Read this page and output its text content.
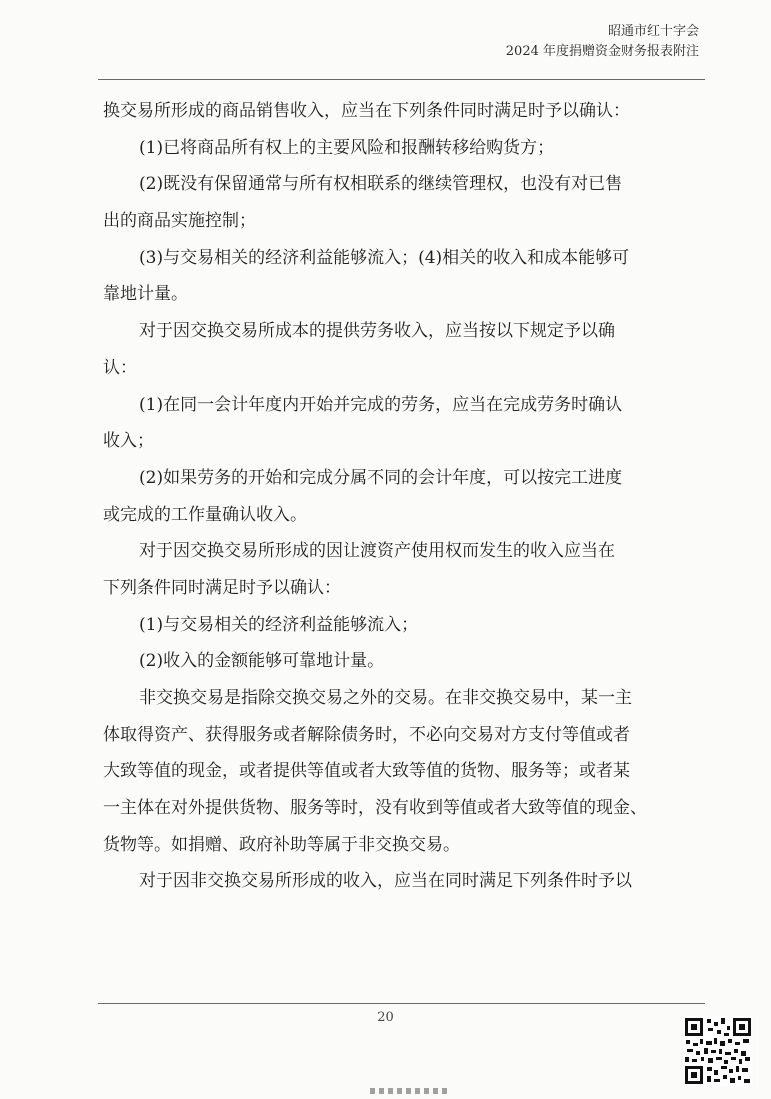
昭通市红十字会
2024 年度捐赠资金财务报表附注
换交易所形成的商品销售收入，应当在下列条件同时满足时予以确认：
(1)已将商品所有权上的主要风险和报酬转移给购货方；
(2)既没有保留通常与所有权相联系的继续管理权，也没有对已售
出的商品实施控制；
(3)与交易相关的经济利益能够流入；(4)相关的收入和成本能够可
靠地计量。
对于因交换交易所成本的提供劳务收入，应当按以下规定予以确
认：
(1)在同一会计年度内开始并完成的劳务，应当在完成劳务时确认
收入；
(2)如果劳务的开始和完成分属不同的会计年度，可以按完工进度
或完成的工作量确认收入。
对于因交换交易所形成的因让渡资产使用权而发生的收入应当在
下列条件同时满足时予以确认：
(1)与交易相关的经济利益能够流入；
(2)收入的金额能够可靠地计量。
非交换交易是指除交换交易之外的交易。在非交换交易中，某一主
体取得资产、获得服务或者解除债务时，不必向交易对方支付等值或者
大致等值的现金，或者提供等值或者大致等值的货物、服务等；或者某
一主体在对外提供货物、服务等时，没有收到等值或者大致等值的现金、
货物等。如捐赠、政府补助等属于非交换交易。
对于因非交换交易所形成的收入，应当在同时满足下列条件时予以
20
